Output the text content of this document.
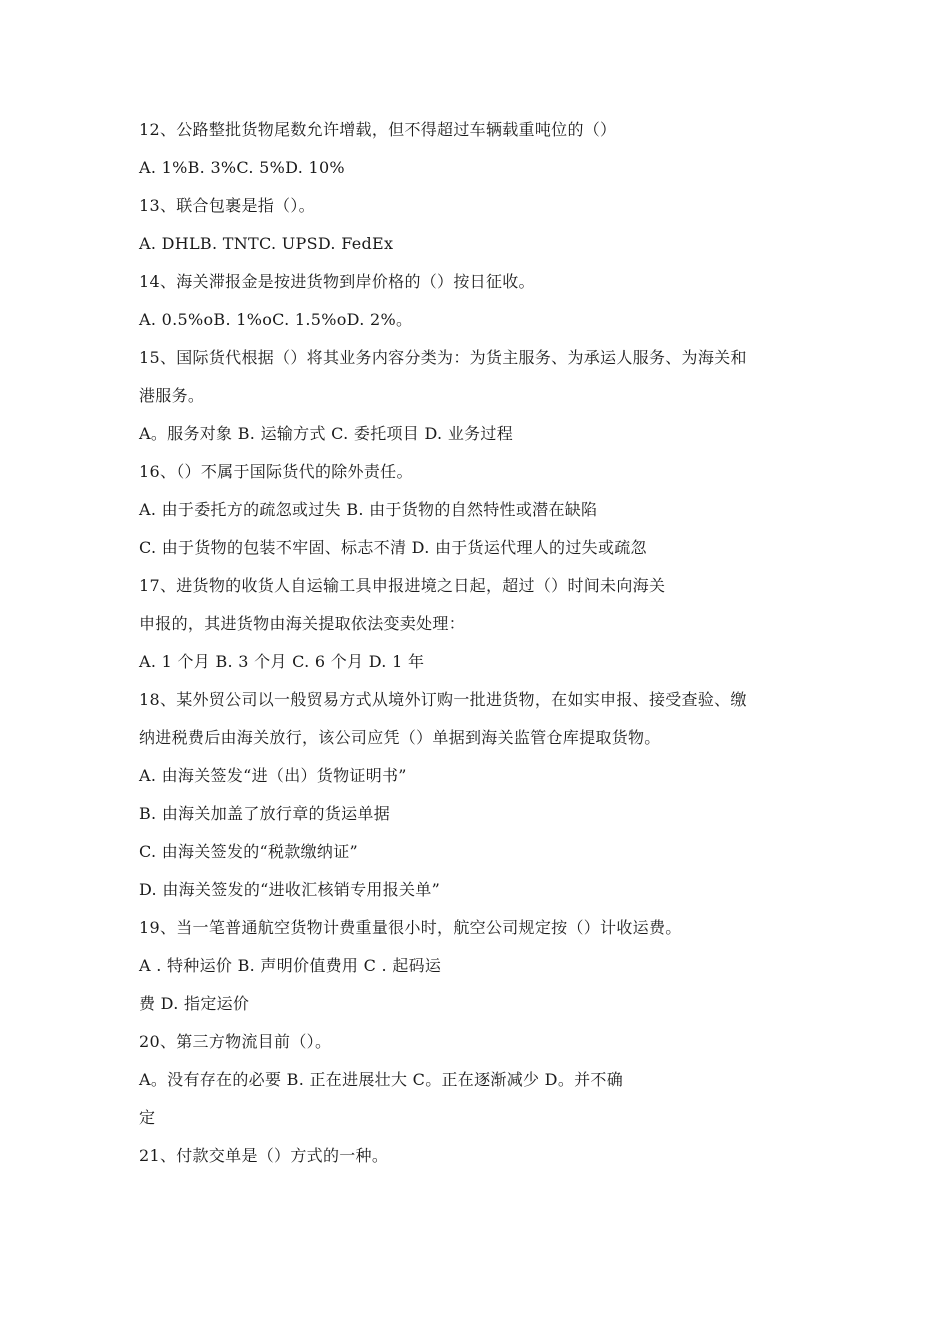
12、公路整批货物尾数允许增载，但不得超过车辆载重吨位的（）
A. 1%B. 3%C. 5%D. 10%
13、联合包裹是指（）。
A. DHLB. TNTC. UPSD. FedEx
14、海关滞报金是按进货物到岸价格的（）按日征收。
A. 0.5%oB. 1%oC. 1.5%oD. 2%。
15、国际货代根据（）将其业务内容分类为：为货主服务、为承运人服务、为海关和
港服务。
A。服务对象 B. 运输方式 C. 委托项目 D. 业务过程
16、（）不属于国际货代的除外责任。
A. 由于委托方的疏忽或过失 B. 由于货物的自然特性或潜在缺陷
C. 由于货物的包装不牢固、标志不清 D. 由于货运代理人的过失或疏忽
17、进货物的收货人自运输工具申报进境之日起，超过（）时间未向海关
申报的，其进货物由海关提取依法变卖处理：
A. 1 个月 B. 3 个月 C. 6 个月 D. 1 年
18、某外贸公司以一般贸易方式从境外订购一批进货物，在如实申报、接受查验、缴
纳进税费后由海关放行，该公司应凭（）单据到海关监管仓库提取货物。
A. 由海关签发“进（出）货物证明书”
B. 由海关加盖了放行章的货运单据
C. 由海关签发的“税款缴纳证”
D. 由海关签发的“进收汇核销专用报关单”
19、当一笔普通航空货物计费重量很小时，航空公司规定按（）计收运费。
A . 特种运价 B. 声明价值费用 C . 起码运
费 D. 指定运价
20、第三方物流目前（）。
A。没有存在的必要 B. 正在进展壮大 C。正在逐渐减少 D。并不确
定
21、付款交单是（）方式的一种。
